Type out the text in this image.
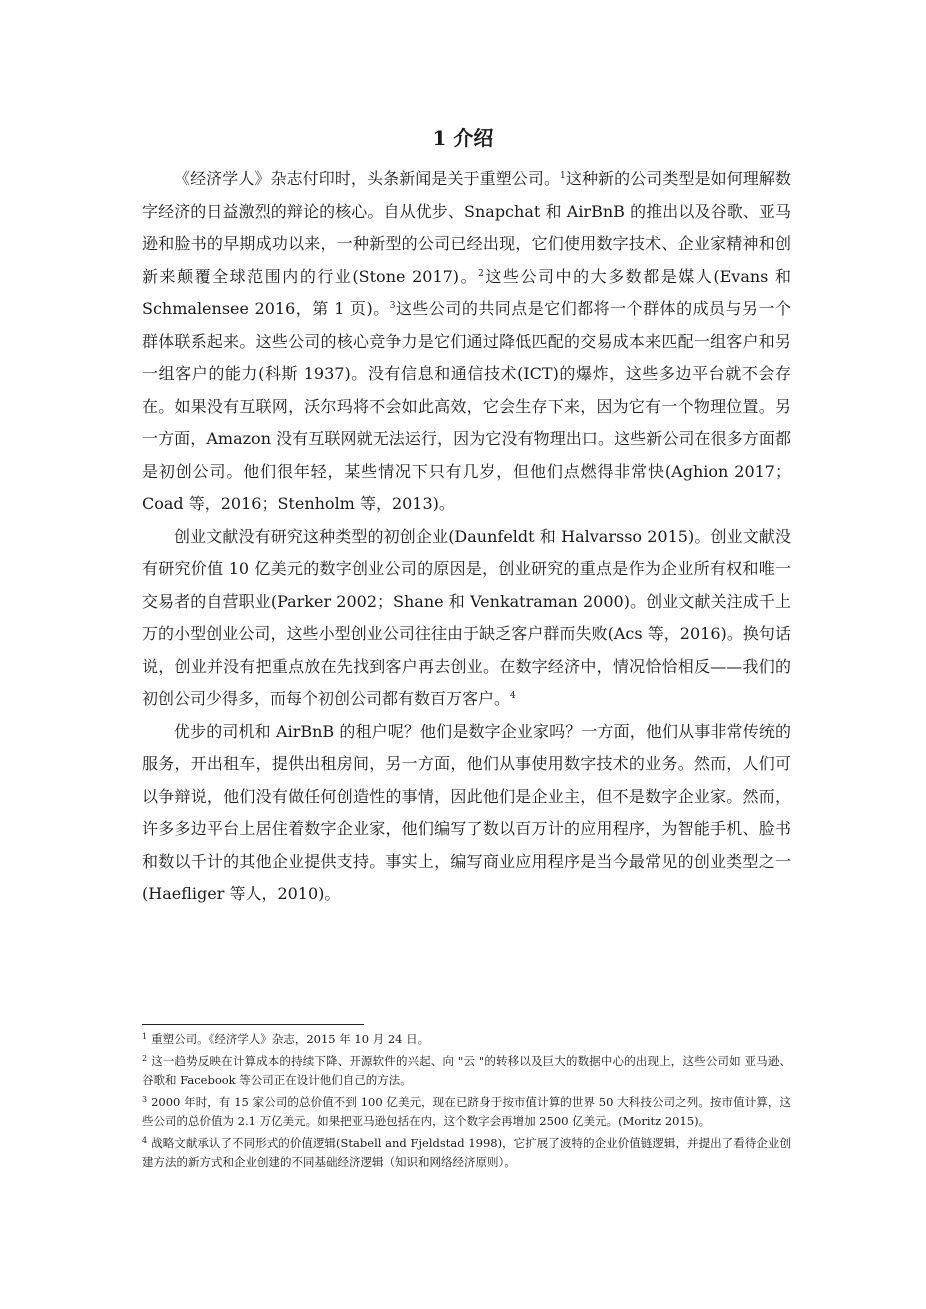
1 介绍

《经济学人》杂志付印时，头条新闻是关于重塑公司。$^1$这种新的公司类型是如何理解数字经济的日益激烈的辩论的核心。自从优步、Snapchat 和 AirBnB 的推出以及谷歌、亚马逊和脸书的早期成功以来，一种新型的公司已经出现，它们使用数字技术、企业家精神和创新来颠覆全球范围内的行业(Stone 2017)。$^2$这些公司中的大多数都是媒人(Evans 和 Schmalensee 2016，第 1 页)。$^3$这些公司的共同点是它们都将一个群体的成员与另一个群体联系起来。这些公司的核心竞争力是它们通过降低匹配的交易成本来匹配一组客户和另一组客户的能力(科斯 1937)。没有信息和通信技术(ICT)的爆炸，这些多边平台就不会存在。如果没有互联网，沃尔玛将不会如此高效，它会生存下来，因为它有一个物理位置。另一方面，Amazon 没有互联网就无法运行，因为它没有物理出口。这些新公司在很多方面都是初创公司。他们很年轻，某些情况下只有几岁，但他们点燃得非常快(Aghion 2017；Coad 等，2016；Stenholm 等，2013)。

创业文献没有研究这种类型的初创企业(Daunfeldt 和 Halvarsso 2015)。创业文献没有研究价值 10 亿美元的数字创业公司的原因是，创业研究的重点是作为企业所有权和唯一交易者的自营职业(Parker 2002；Shane 和 Venkatraman 2000)。创业文献关注成千上万的小型创业公司，这些小型创业公司往往由于缺乏客户群而失败(Acs 等，2016)。换句话说，创业并没有把重点放在先找到客户再去创业。在数字经济中，情况恰恰相反——我们的初创公司少得多，而每个初创公司都有数百万客户。$^4$

优步的司机和 AirBnB 的租户呢？他们是数字企业家吗？一方面，他们从事非常传统的服务，开出租车，提供出租房间，另一方面，他们从事使用数字技术的业务。然而，人们可以争辩说，他们没有做任何创造性的事情，因此他们是企业主，但不是数字企业家。然而，许多多边平台上居住着数字企业家，他们编写了数以百万计的应用程序，为智能手机、脸书和数以千计的其他企业提供支持。事实上，编写商业应用程序是当今最常见的创业类型之一(Haefliger 等人，2010)。

$^1$ 重塑公司。《经济学人》杂志，2015 年 10 月 24 日。
$^2$ 这一趋势反映在计算成本的持续下降、开源软件的兴起、向 "云 "的转移以及巨大的数据中心的出现上，这些公司如 亚马逊、谷歌和 Facebook 等公司正在设计他们自己的方法。
$^3$ 2000 年时，有 15 家公司的总价值不到 100 亿美元，现在已跻身于按市值计算的世界 50 大科技公司之列。按市值计算，这些公司的总价值为 2.1 万亿美元。如果把亚马逊包括在内，这个数字会再增加 2500 亿美元。(Moritz 2015)。
$^4$ 战略文献承认了不同形式的价值逻辑(Stabell and Fjeldstad 1998)，它扩展了波特的企业价值链逻辑，并提出了看待企业创建方法的新方式和企业创建的不同基础经济逻辑（知识和网络经济原则）。
